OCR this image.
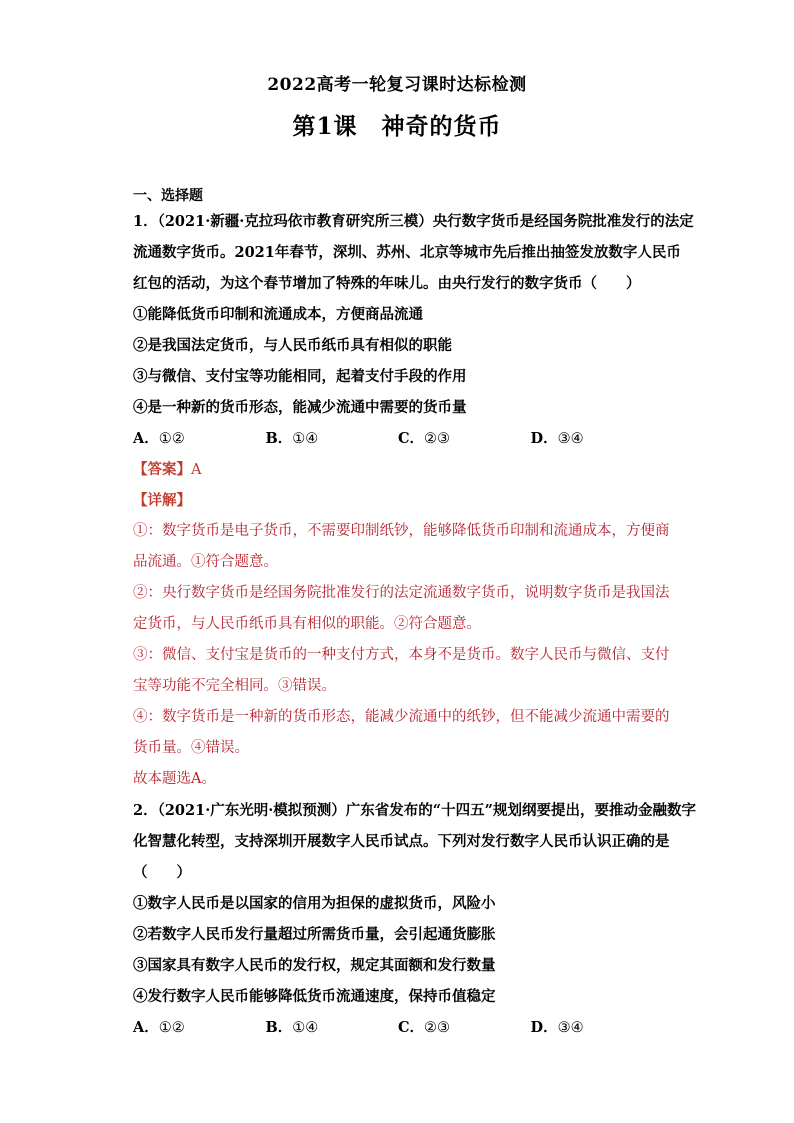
2022高考一轮复习课时达标检测
第1课　神奇的货币
一、选择题
1．（2021·新疆·克拉玛依市教育研究所三模）央行数字货币是经国务院批准发行的法定
流通数字货币。2021年春节，深圳、苏州、北京等城市先后推出抽签发放数字人民币
红包的活动，为这个春节增加了特殊的年味儿。由央行发行的数字货币（　　）
①能降低货币印制和流通成本，方便商品流通
②是我国法定货币，与人民币纸币具有相似的职能
③与微信、支付宝等功能相同，起着支付手段的作用
④是一种新的货币形态，能减少流通中需要的货币量
A．①②	B．①④	C．②③	D．③④
【答案】A
【详解】
①：数字货币是电子货币，不需要印制纸钞，能够降低货币印制和流通成本，方便商
品流通。①符合题意。
②：央行数字货币是经国务院批准发行的法定流通数字货币，说明数字货币是我国法
定货币，与人民币纸币具有相似的职能。②符合题意。
③：微信、支付宝是货币的一种支付方式，本身不是货币。数字人民币与微信、支付
宝等功能不完全相同。③错误。
④：数字货币是一种新的货币形态，能减少流通中的纸钞，但不能减少流通中需要的
货币量。④错误。
故本题选A。
2．（2021·广东光明·模拟预测）广东省发布的“十四五”规划纲要提出，要推动金融数字
化智慧化转型，支持深圳开展数字人民币试点。下列对发行数字人民币认识正确的是
（　　）
①数字人民币是以国家的信用为担保的虚拟货币，风险小
②若数字人民币发行量超过所需货币量，会引起通货膨胀
③国家具有数字人民币的发行权，规定其面额和发行数量
④发行数字人民币能够降低货币流通速度，保持币值稳定
A．①②	B．①④	C．②③	D．③④
